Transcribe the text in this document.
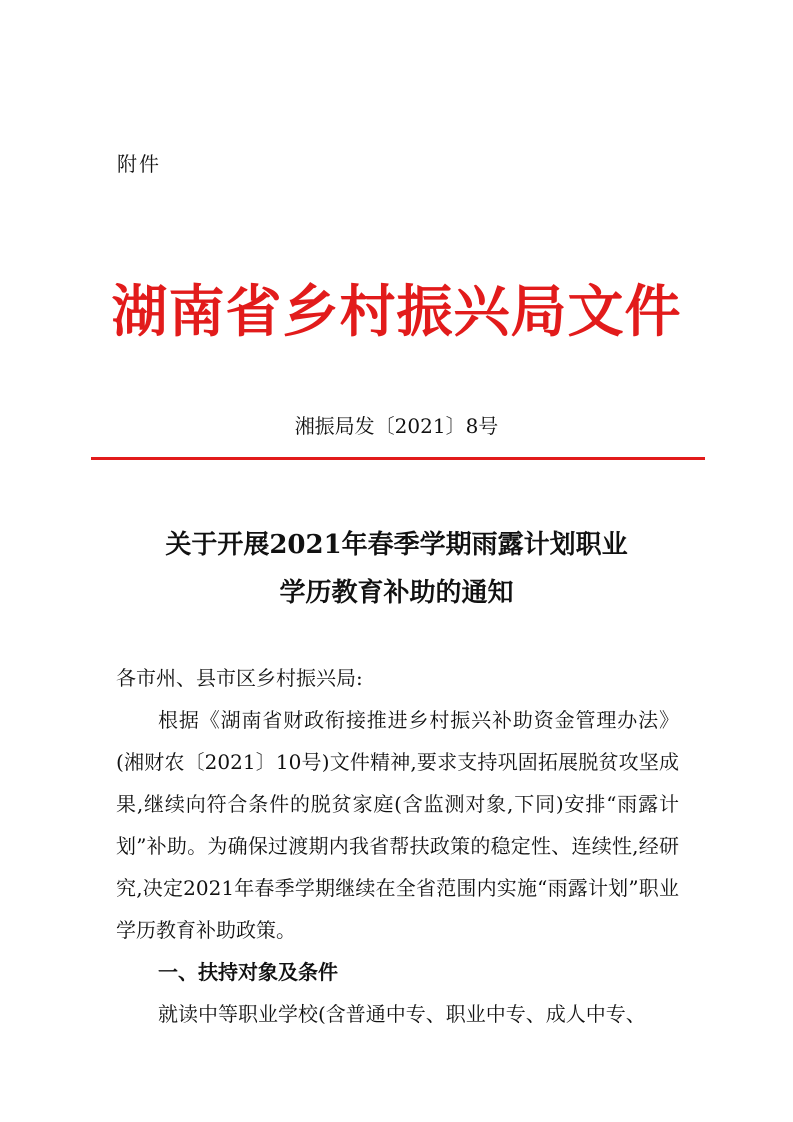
附件
湖南省乡村振兴局文件
湘振局发〔2021〕8号
关于开展2021年春季学期雨露计划职业
学历教育补助的通知

各市州、县市区乡村振兴局:

根据《湖南省财政衔接推进乡村振兴补助资金管理办法》(湘财农〔2021〕10号)文件精神,要求支持巩固拓展脱贫攻坚成果,继续向符合条件的脱贫家庭(含监测对象,下同)安排“雨露计划”补助。为确保过渡期内我省帮扶政策的稳定性、连续性,经研究,决定2021年春季学期继续在全省范围内实施“雨露计划”职业学历教育补助政策。

一、扶持对象及条件

就读中等职业学校(含普通中专、职业中专、成人中专、
